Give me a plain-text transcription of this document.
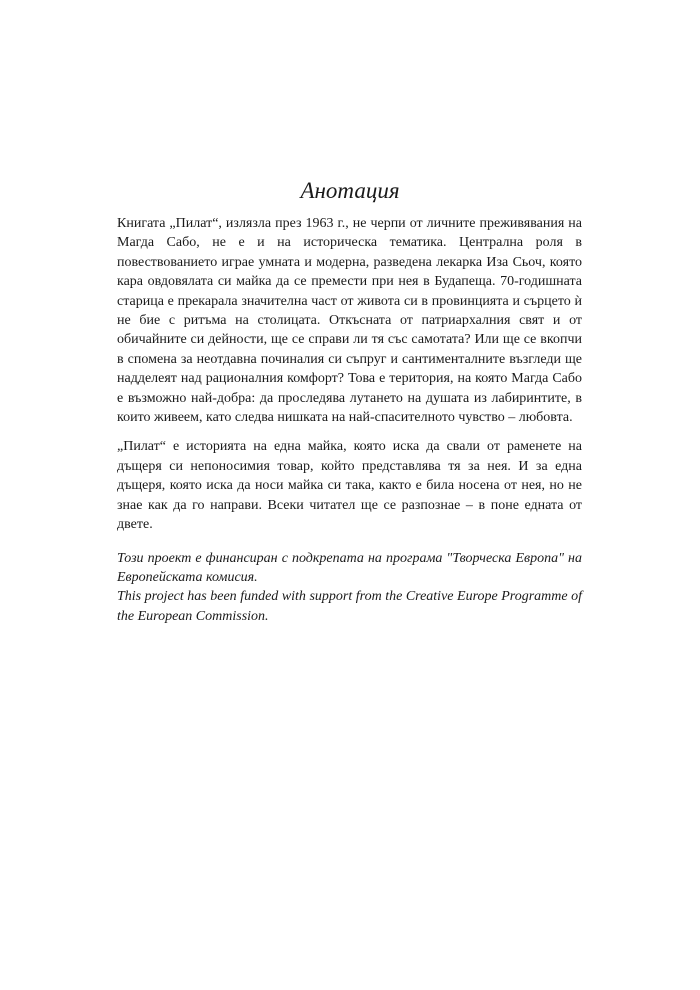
Анотация

Книгата „Пилат“, излязла през 1963 г., не черпи от личните преживявания на Магда Сабо, не е и на историческа тематика. Централна роля в повествованието играе умната и модерна, разведена лекарка Иза Сьоч, която кара овдовялата си майка да се премести при нея в Будапеща. 70-годишната старица е прекарала значителна част от живота си в провинцията и сърцето ѝ не бие с ритъма на столицата. Откъсната от патриархалния свят и от обичайните си дейности, ще се справи ли тя със самотата? Или ще се вкопчи в спомена за неотдавна починалия си съпруг и сантименталните възгледи ще надделеят над рационалния комфорт? Това е територия, на която Магда Сабо е възможно най-добра: да проследява лутането на душата из лабиринтите, в които живеем, като следва нишката на най-спасителното чувство – любовта.

„Пилат“ е историята на една майка, която иска да свали от раменете на дъщеря си непоносимия товар, който представлява тя за нея. И за една дъщеря, която иска да носи майка си така, както е била носена от нея, но не знае как да го направи. Всеки читател ще се разпознае – в поне едната от двете.

Този проект е финансиран с подкрепата на програма "Творческа Европа" на Европейската комисия.

This project has been funded with support from the Creative Europe Programme of the European Commission.
